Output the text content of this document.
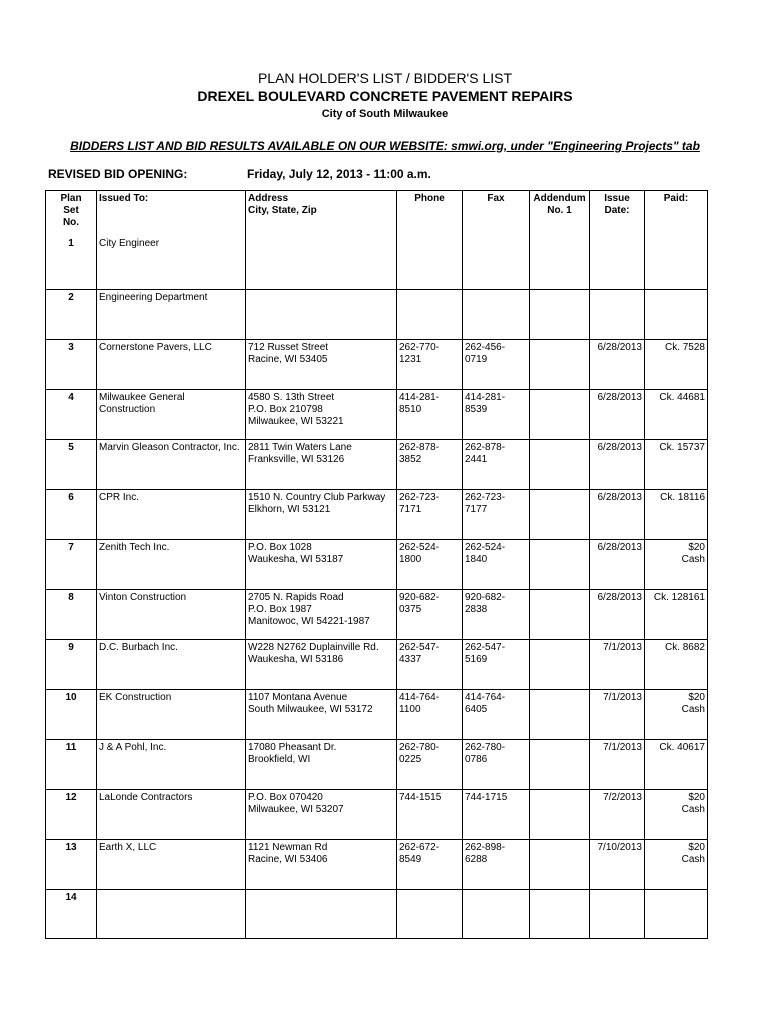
PLAN HOLDER'S LIST / BIDDER'S LIST
DREXEL BOULEVARD CONCRETE PAVEMENT REPAIRS
City of South Milwaukee
BIDDERS LIST AND BID RESULTS AVAILABLE ON OUR WEBSITE: smwi.org, under "Engineering Projects" tab
REVISED BID OPENING:	Friday, July 12, 2013 - 11:00 a.m.
Plan
Set
No.	Issued To:	Address
City, State, Zip	Phone	Fax	Addendum
No. 1	Issue
Date:	Paid:

1	City Engineer						

2	Engineering Department						

3	Cornerstone Pavers, LLC	712 Russet Street
Racine, WI 53405	262-770-1231	262-456-0719		6/28/2013	Ck. 7528

4	Milwaukee General Construction	4580 S. 13th Street
P.O. Box 210798
Milwaukee, WI 53221	414-281-8510	414-281-8539		6/28/2013	Ck. 44681

5	Marvin Gleason Contractor, Inc.	2811 Twin Waters Lane
Franksville, WI 53126	262-878-3852	262-878-2441		6/28/2013	Ck. 15737

6	CPR Inc.	1510 N. Country Club Parkway
Elkhorn, WI 53121	262-723-7171	262-723-7177		6/28/2013	Ck. 18116

7	Zenith Tech Inc.	P.O. Box 1028
Waukesha, WI 53187	262-524-1800	262-524-1840		6/28/2013	$20
Cash

8	Vinton Construction	2705 N. Rapids Road
P.O. Box 1987
Manitowoc, WI 54221-1987	920-682-0375	920-682-2838		6/28/2013	Ck. 128161

9	D.C. Burbach Inc.	W228 N2762 Duplainville Rd.
Waukesha, WI 53186	262-547-4337	262-547-5169		7/1/2013	Ck. 8682

10	EK Construction	1107 Montana Avenue
South Milwaukee, WI 53172	414-764-1100	414-764-6405		7/1/2013	$20
Cash

11	J & A Pohl, Inc.	17080 Pheasant Dr.
Brookfield, WI	262-780-0225	262-780-0786		7/1/2013	Ck. 40617

12	LaLonde Contractors	P.O. Box 070420
Milwaukee, WI 53207	744-1515	744-1715		7/2/2013	$20
Cash

13	Earth X, LLC	1121 Newman Rd
Racine, WI 53406	262-672-8549	262-898-6288		7/10/2013	$20
Cash

14							
